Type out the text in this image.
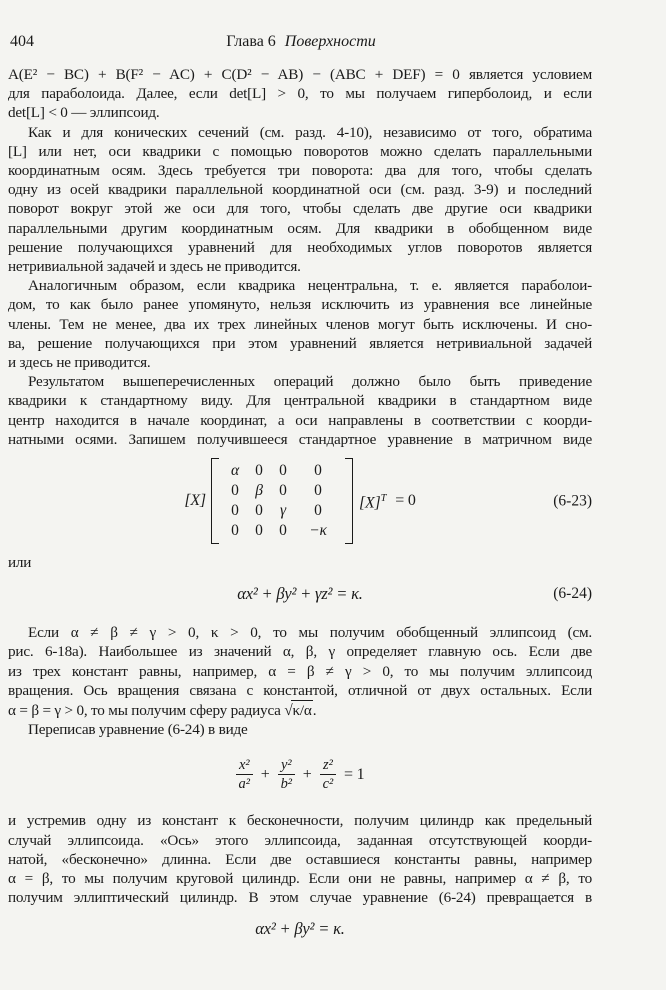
404	Глава 6 Поверхности
A(E² − BC) + B(F² − AC) + C(D² − AB) − (ABC + DEF) = 0 является условием
для параболоида. Далее, если det[L] > 0, то мы получаем гиперболоид, и если
det[L] < 0 — эллипсоид.
Как и для конических сечений (см. разд. 4-10), независимо от того, обратима
[L] или нет, оси квадрики с помощью поворотов можно сделать параллельными
координатным осям. Здесь требуется три поворота: два для того, чтобы сделать
одну из осей квадрики параллельной координатной оси (см. разд. 3-9) и последний
поворот вокруг этой же оси для того, чтобы сделать две другие оси квадрики
параллельными другим координатным осям. Для квадрики в обобщенном виде
решение получающихся уравнений для необходимых углов поворотов является
нетривиальной задачей и здесь не приводится.
Аналогичным образом, если квадрика нецентральна, т. е. является параболои-
дом, то как было ранее упомянуто, нельзя исключить из уравнения все линейные
члены. Тем не менее, два их трех линейных членов могут быть исключены. И сно-
ва, решение получающихся при этом уравнений является нетривиальной задачей
и здесь не приводится.
Результатом вышеперечисленных операций должно было быть приведение
квадрики к стандартному виду. Для центральной квадрики в стандартном виде
центр находится в начале координат, а оси направлены в соответствии с коорди-
натными осями. Запишем получившееся стандартное уравнение в матричном виде
[X]
α 0 0 0
0 β 0 0
0 0 γ 0
0 0 0 −κ
$[X]^T = 0$	(6-23)
или
αx² + βy² + γz² = κ.	(6-24)
Если α ≠ β ≠ γ > 0, κ > 0, то мы получим обобщенный эллипсоид (см.
рис. 6-18а). Наибольшее из значений α, β, γ определяет главную ось. Если две
из трех констант равны, например, α = β ≠ γ > 0, то мы получим эллипсоид
вращения. Ось вращения связана с константой, отличной от двух остальных. Если
α = β = γ > 0, то мы получим сферу радиуса √κ/α.
Переписав уравнение (6-24) в виде
$\frac{\text{x²}}{\text{a²}} + \frac{\text{y²}}{\text{b²}} + \frac{\text{z²}}{\text{c²}} = 1$
и устремив одну из констант к бесконечности, получим цилиндр как предельный
случай эллипсоида. «Ось» этого эллипсоида, заданная отсутствующей коорди-
натой, «бесконечно» длинна. Если две оставшиеся константы равны, например
α = β, то мы получим круговой цилиндр. Если они не равны, например α ≠ β, то
получим эллиптический цилиндр. В этом случае уравнение (6-24) превращается в
αx² + βy² = κ.
